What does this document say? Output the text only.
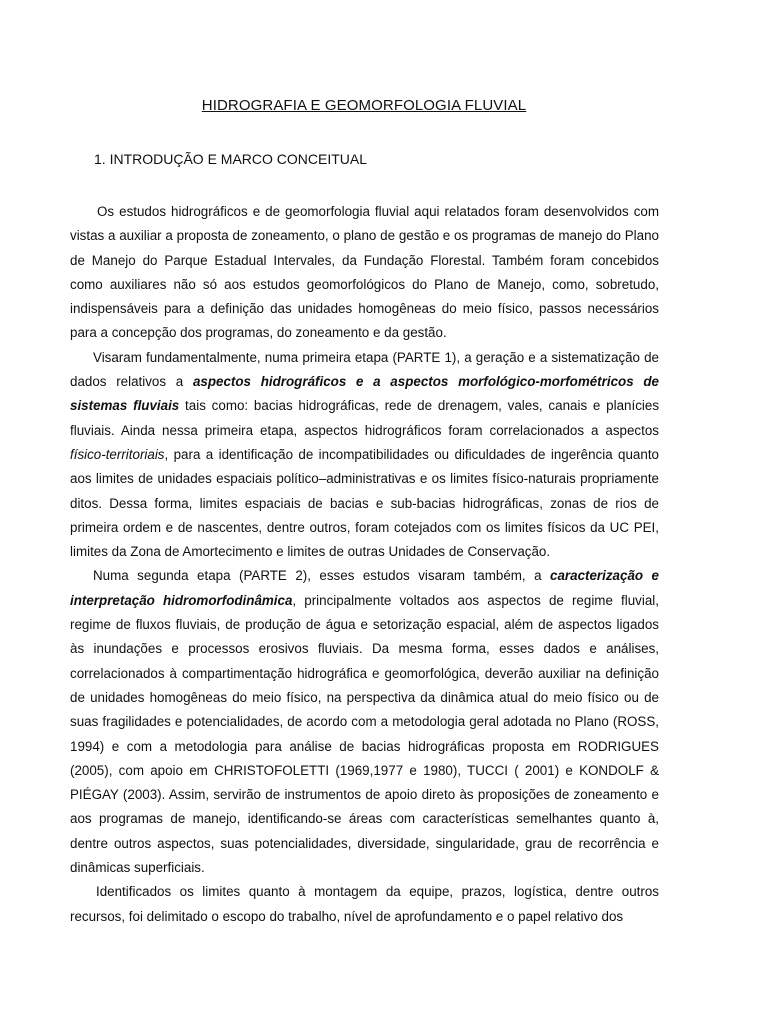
HIDROGRAFIA E GEOMORFOLOGIA FLUVIAL
1. INTRODUÇÃO E MARCO CONCEITUAL

Os estudos hidrográficos e de geomorfologia fluvial aqui relatados foram desenvolvidos com vistas a auxiliar a proposta de zoneamento, o plano de gestão e os programas de manejo do Plano de Manejo do Parque Estadual Intervales, da Fundação Florestal. Também foram concebidos como auxiliares não só aos estudos geomorfológicos do Plano de Manejo, como, sobretudo, indispensáveis para a definição das unidades homogêneas do meio físico, passos necessários para a concepção dos programas, do zoneamento e da gestão.

Visaram fundamentalmente, numa primeira etapa (PARTE 1), a geração e a sistematização de dados relativos a aspectos hidrográficos e a aspectos morfológico-morfométricos de sistemas fluviais tais como: bacias hidrográficas, rede de drenagem, vales, canais e planícies fluviais. Ainda nessa primeira etapa, aspectos hidrográficos foram correlacionados a aspectos físico-territoriais, para a identificação de incompatibilidades ou dificuldades de ingerência quanto aos limites de unidades espaciais político–administrativas e os limites físico-naturais propriamente ditos. Dessa forma, limites espaciais de bacias e sub-bacias hidrográficas, zonas de rios de primeira ordem e de nascentes, dentre outros, foram cotejados com os limites físicos da UC PEI, limites da Zona de Amortecimento e limites de outras Unidades de Conservação.

Numa segunda etapa (PARTE 2), esses estudos visaram também, a caracterização e interpretação hidromorfodinâmica, principalmente voltados aos aspectos de regime fluvial, regime de fluxos fluviais, de produção de água e setorização espacial, além de aspectos ligados às inundações e processos erosivos fluviais. Da mesma forma, esses dados e análises, correlacionados à compartimentação hidrográfica e geomorfológica, deverão auxiliar na definição de unidades homogêneas do meio físico, na perspectiva da dinâmica atual do meio físico ou de suas fragilidades e potencialidades, de acordo com a metodologia geral adotada no Plano (ROSS, 1994) e com a metodologia para análise de bacias hidrográficas proposta em RODRIGUES (2005), com apoio em CHRISTOFOLETTI (1969,1977 e 1980), TUCCI ( 2001) e KONDOLF & PIÉGAY (2003). Assim, servirão de instrumentos de apoio direto às proposições de zoneamento e aos programas de manejo, identificando-se áreas com características semelhantes quanto à, dentre outros aspectos, suas potencialidades, diversidade, singularidade, grau de recorrência e dinâmicas superficiais.

Identificados os limites quanto à montagem da equipe, prazos, logística, dentre outros recursos, foi delimitado o escopo do trabalho, nível de aprofundamento e o papel relativo dos
